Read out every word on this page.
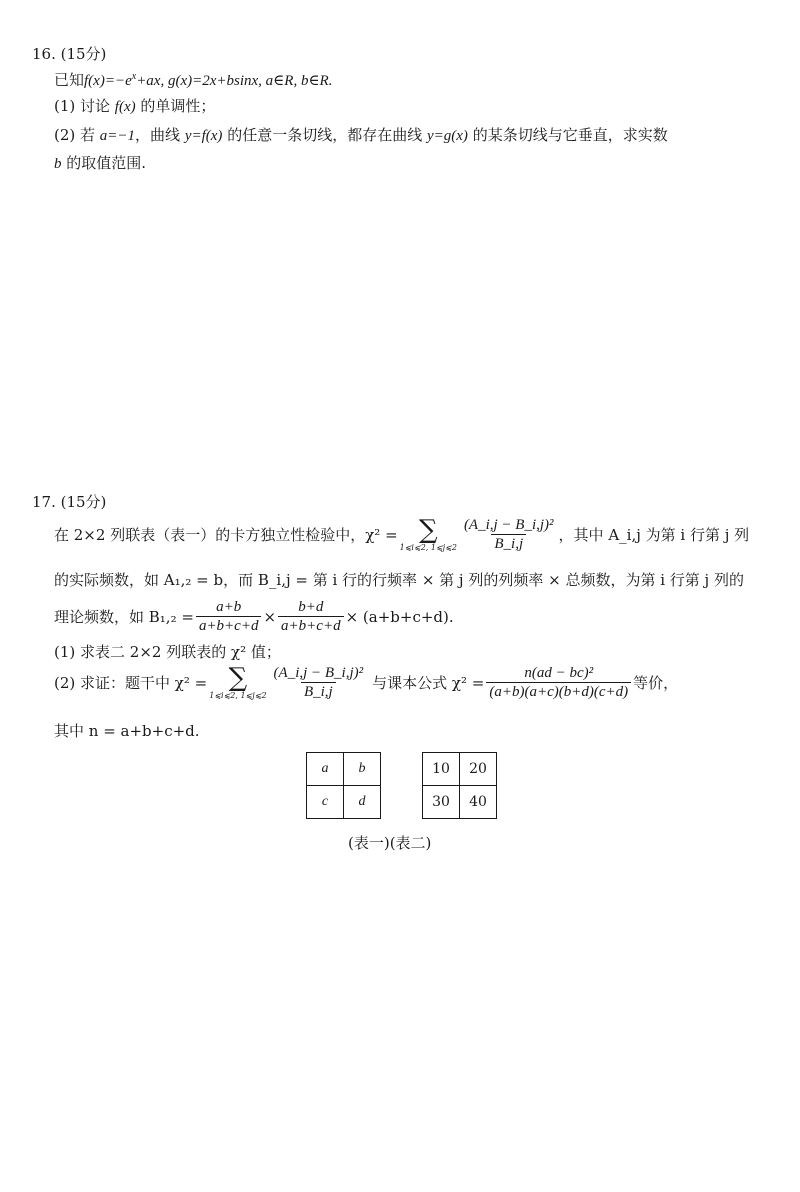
16. (15分)
已知$f(x)=-e^x+ax$, g(x)=2x+bsinx, a∈R, b∈R.
(1) 讨论 f(x) 的单调性；
(2) 若 a=−1，曲线 y=f(x) 的任意一条切线，都存在曲线 y=g(x) 的某条切线与它垂直，求实数
b 的取值范围.
17. (15分)
在 2×2 列联表（表一）的卡方独立性检验中，χ² = ∑
1⩽i⩽2, 1⩽j⩽2 $\frac{\text{(A\_i,j − B\_i,j)²}}{B\_i,j}$ ，其中 A_i,j 为第 i 行第 j 列
的实际频数，如 A₁,₂ = b，而 B_i,j = 第 i 行的行频率 × 第 j 列的列频率 × 总频数，为第 i 行第 j 列的
理论频数，如 $B_1,_2 = \frac{a+b}{a+b+c+d} \times \frac{b+d}{a+b+c+d} \times (a+b+c+d)$.
(1) 求表二 2×2 列联表的 χ² 值；
(2) 求证：题干中 χ² = ∑
1⩽i⩽2, 1⩽j⩽2 $\frac{\text{(A\_i,j − B\_i,j)²}}{B\_i,j}$ 与课本公式 $\chi^2 = \frac{\text{n(ad − bc)²}}{(a+b)(a+c)(b+d)(c+d)}$ 等价，
其中 n = a+b+c+d.
a	b
c	d
10	20
30	40
(表一)(表二)
